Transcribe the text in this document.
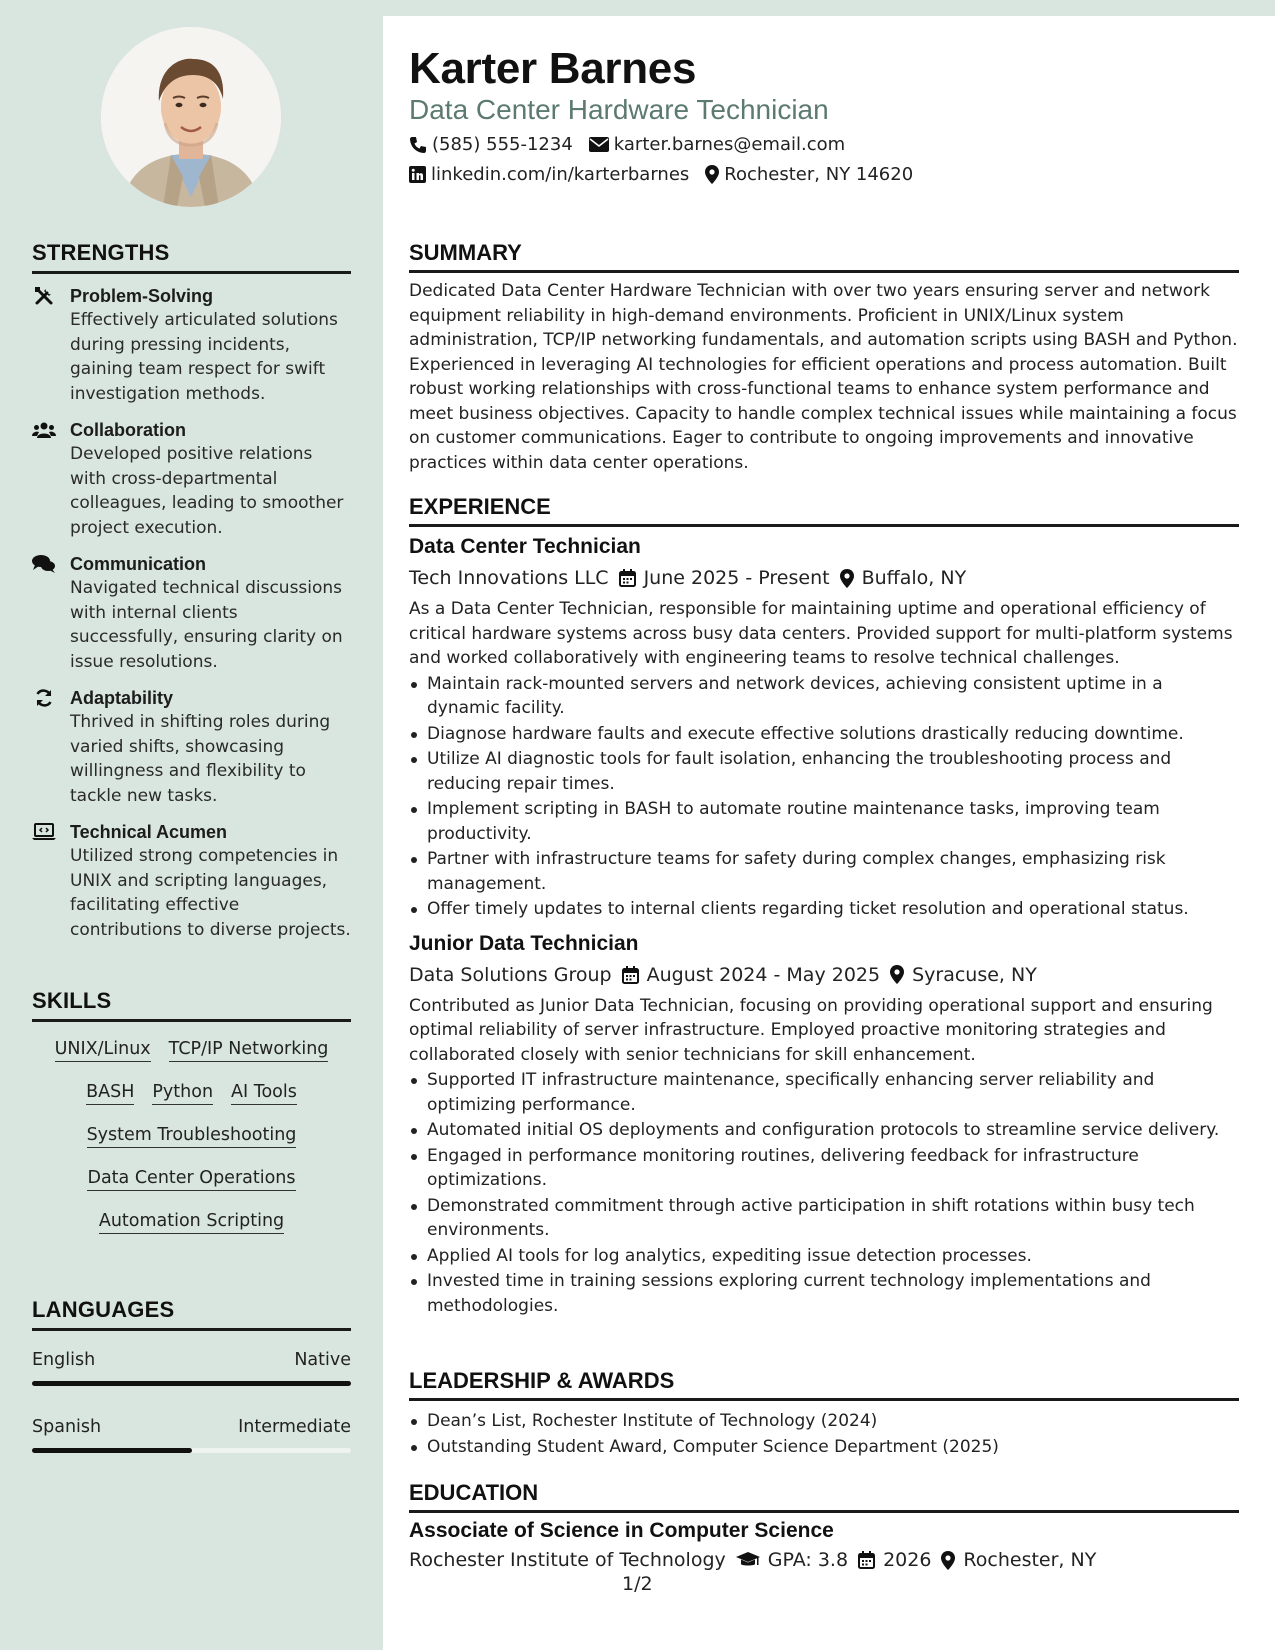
STRENGTHS
Problem-Solving
Effectively articulated solutions during pressing incidents, gaining team respect for swift investigation methods.
Collaboration
Developed positive relations with cross-departmental colleagues, leading to smoother project execution.
Communication
Navigated technical discussions with internal clients successfully, ensuring clarity on issue resolutions.
Adaptability
Thrived in shifting roles during varied shifts, showcasing willingness and flexibility to tackle new tasks.
Technical Acumen
Utilized strong competencies in UNIX and scripting languages, facilitating effective contributions to diverse projects.
SKILLS
UNIX/Linux TCP/IP Networking
BASH Python AI Tools
System Troubleshooting
Data Center Operations
Automation Scripting
LANGUAGES
English	Native
Spanish	Intermediate
Karter Barnes
Data Center Hardware Technician
(585) 555-1234 karter.barnes@email.com
linkedin.com/in/karterbarnes Rochester, NY 14620
SUMMARY
Dedicated Data Center Hardware Technician with over two years ensuring server and network equipment reliability in high-demand environments. Proficient in UNIX/Linux system administration, TCP/IP networking fundamentals, and automation scripts using BASH and Python. Experienced in leveraging AI technologies for efficient operations and process automation. Built robust working relationships with cross-functional teams to enhance system performance and meet business objectives. Capacity to handle complex technical issues while maintaining a focus on customer communications. Eager to contribute to ongoing improvements and innovative practices within data center operations.
EXPERIENCE
Data Center Technician
Tech Innovations LLC June 2025 - Present Buffalo, NY
As a Data Center Technician, responsible for maintaining uptime and operational efficiency of critical hardware systems across busy data centers. Provided support for multi-platform systems and worked collaboratively with engineering teams to resolve technical challenges.
Maintain rack-mounted servers and network devices, achieving consistent uptime in a dynamic facility.
Diagnose hardware faults and execute effective solutions drastically reducing downtime.
Utilize AI diagnostic tools for fault isolation, enhancing the troubleshooting process and reducing repair times.
Implement scripting in BASH to automate routine maintenance tasks, improving team productivity.
Partner with infrastructure teams for safety during complex changes, emphasizing risk management.
Offer timely updates to internal clients regarding ticket resolution and operational status.
Junior Data Technician
Data Solutions Group August 2024 - May 2025 Syracuse, NY
Contributed as Junior Data Technician, focusing on providing operational support and ensuring optimal reliability of server infrastructure. Employed proactive monitoring strategies and collaborated closely with senior technicians for skill enhancement.
Supported IT infrastructure maintenance, specifically enhancing server reliability and optimizing performance.
Automated initial OS deployments and configuration protocols to streamline service delivery.
Engaged in performance monitoring routines, delivering feedback for infrastructure optimizations.
Demonstrated commitment through active participation in shift rotations within busy tech environments.
Applied AI tools for log analytics, expediting issue detection processes.
Invested time in training sessions exploring current technology implementations and methodologies.
LEADERSHIP & AWARDS
Dean’s List, Rochester Institute of Technology (2024)
Outstanding Student Award, Computer Science Department (2025)
EDUCATION
Associate of Science in Computer Science
Rochester Institute of Technology GPA: 3.8 2026 Rochester, NY
1/2
